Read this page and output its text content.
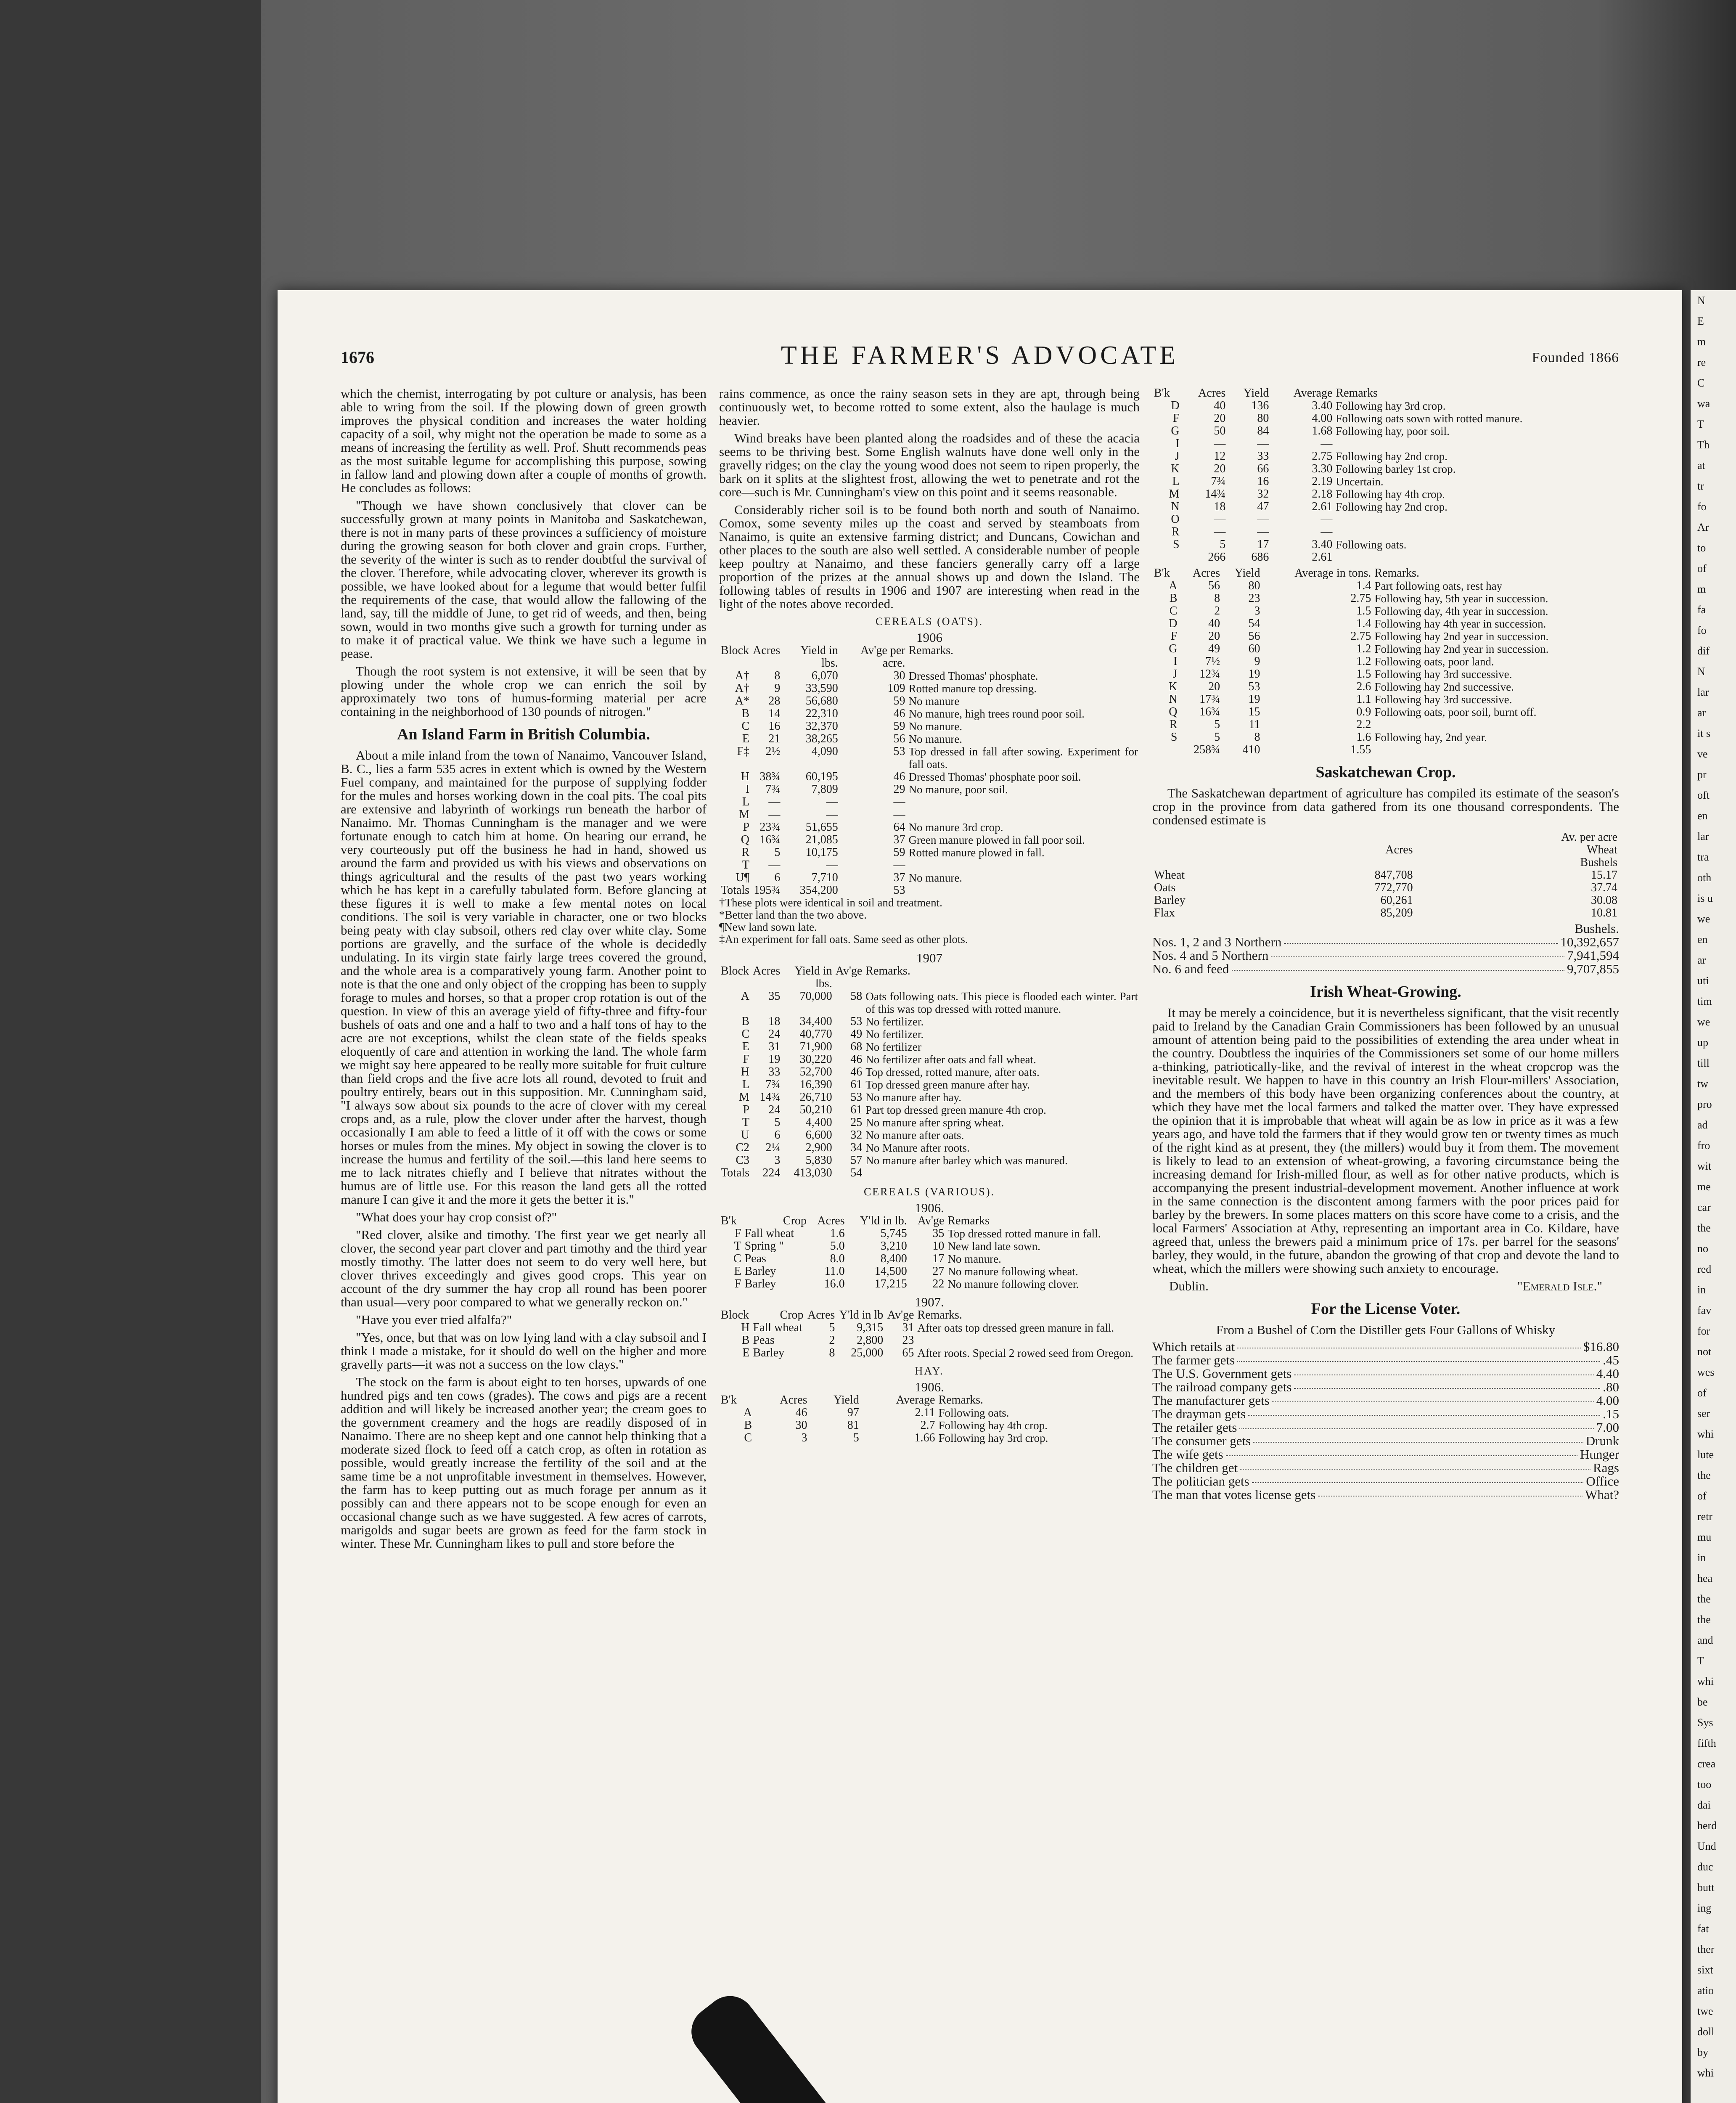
1676	THE FARMER'S ADVOCATE	Founded 1866

which the chemist, interrogating by pot culture or analysis, has been able to wring from the soil. If the plowing down of green growth improves the physical condition and increases the water holding capacity of a soil, why might not the operation be made to some as a means of increasing the fertility as well. Prof. Shutt recommends peas as the most suitable legume for accomplishing this purpose, sowing in fallow land and plowing down after a couple of months of growth. He concludes as follows:

"Though we have shown conclusively that clover can be successfully grown at many points in Manitoba and Saskatchewan, there is not in many parts of these provinces a sufficiency of moisture during the growing season for both clover and grain crops. Further, the severity of the winter is such as to render doubtful the survival of the clover. Therefore, while advocating clover, wherever its growth is possible, we have looked about for a legume that would better fulfil the requirements of the case, that would allow the fallowing of the land, say, till the middle of June, to get rid of weeds, and then, being sown, would in two months give such a growth for turning under as to make it of practical value. We think we have such a legume in pease.

Though the root system is not extensive, it will be seen that by plowing under the whole crop we can enrich the soil by approximately two tons of humus-forming material per acre containing in the neighborhood of 130 pounds of nitrogen."

An Island Farm in British Columbia.

About a mile inland from the town of Nanaimo, Vancouver Island, B. C., lies a farm 535 acres in extent which is owned by the Western Fuel company, and maintained for the purpose of supplying fodder for the mules and horses working down in the coal pits. The coal pits are extensive and labyrinth of workings run beneath the harbor of Nanaimo. Mr. Thomas Cunningham is the manager and we were fortunate enough to catch him at home. On hearing our errand, he very courteously put off the business he had in hand, showed us around the farm and provided us with his views and observations on things agricultural and the results of the past two years working which he has kept in a carefully tabulated form. Before glancing at these figures it is well to make a few mental notes on local conditions. The soil is very variable in character, one or two blocks being peaty with clay subsoil, others red clay over white clay. Some portions are gravelly, and the surface of the whole is decidedly undulating. In its virgin state fairly large trees covered the ground, and the whole area is a comparatively young farm. Another point to note is that the one and only object of the cropping has been to supply forage to mules and horses, so that a proper crop rotation is out of the question. In view of this an average yield of fifty-three and fifty-four bushels of oats and one and a half to two and a half tons of hay to the acre are not exceptions, whilst the clean state of the fields speaks eloquently of care and attention in working the land. The whole farm we might say here appeared to be really more suitable for fruit culture than field crops and the five acre lots all round, devoted to fruit and poultry entirely, bears out in this supposition. Mr. Cunningham said, "I always sow about six pounds to the acre of clover with my cereal crops and, as a rule, plow the clover under after the harvest, though occasionally I am able to feed a little of it off with the cows or some horses or mules from the mines. My object in sowing the clover is to increase the humus and fertility of the soil.—this land here seems to me to lack nitrates chiefly and I believe that nitrates without the humus are of little use. For this reason the land gets all the rotted manure I can give it and the more it gets the better it is."

"What does your hay crop consist of?"

"Red clover, alsike and timothy. The first year we get nearly all clover, the second year part clover and part timothy and the third year mostly timothy. The latter does not seem to do very well here, but clover thrives exceedingly and gives good crops. This year on account of the dry summer the hay crop all round has been poorer than usual—very poor compared to what we generally reckon on."

"Have you ever tried alfalfa?"

"Yes, once, but that was on low lying land with a clay subsoil and I think I made a mistake, for it should do well on the higher and more gravelly parts—it was not a success on the low clays."

The stock on the farm is about eight to ten horses, upwards of one hundred pigs and ten cows (grades). The cows and pigs are a recent addition and will likely be increased another year; the cream goes to the government creamery and the hogs are readily disposed of in Nanaimo. There are no sheep kept and one cannot help thinking that a moderate sized flock to feed off a catch crop, as often in rotation as possible, would greatly increase the fertility of the soil and at the same time be a not unprofitable investment in themselves. However, the farm has to keep putting out as much forage per annum as it possibly can and there appears not to be scope enough for even an occasional change such as we have suggested. A few acres of carrots, marigolds and sugar beets are grown as feed for the farm stock in winter. These Mr. Cunningham likes to pull and store before the

rains commence, as once the rainy season sets in they are apt, through being continuously wet, to become rotted to some extent, also the haulage is much heavier.

Wind breaks have been planted along the roadsides and of these the acacia seems to be thriving best. Some English walnuts have done well only in the gravelly ridges; on the clay the young wood does not seem to ripen properly, the bark on it splits at the slightest frost, allowing the wet to penetrate and rot the core—such is Mr. Cunningham's view on this point and it seems reasonable.

Considerably richer soil is to be found both north and south of Nanaimo. Comox, some seventy miles up the coast and served by steamboats from Nanaimo, is quite an extensive farming district; and Duncans, Cowichan and other places to the south are also well settled. A considerable number of people keep poultry at Nanaimo, and these fanciers generally carry off a large proportion of the prizes at the annual shows up and down the Island. The following tables of results in 1906 and 1907 are interesting when read in the light of the notes above recorded.

CEREALS (OATS).
1906
Block	Acres	Yield in lbs.	Av'ge per acre.	Remarks.
A†	8	6,070	30	Dressed Thomas' phosphate.
A†	9	33,590	109	Rotted manure top dressing.
A*	28	56,680	59	No manure
B	14	22,310	46	No manure, high trees round poor soil.
C	16	32,370	59	No manure.
E	21	38,265	56	No manure.
F‡	2½	4,090	53	Top dressed in fall after sowing. Experiment for fall oats.
H	38¾	60,195	46	Dressed Thomas' phosphate poor soil.
I	7¾	7,809	29	No manure, poor soil.
L	—	—	—	
M	—	—	—	
P	23¾	51,655	64	No manure 3rd crop.
Q	16¾	21,085	37	Green manure plowed in fall poor soil.
R	5	10,175	59	Rotted manure plowed in fall.
T	—	—	—	
U¶	6	7,710	37	No manure.
Totals	195¾	354,200	53	
†These plots were identical in soil and treatment.
*Better land than the two above.
¶New land sown late.
‡An experiment for fall oats. Same seed as other plots.
1907
Block	Acres	Yield in lbs.	Av'ge	Remarks.
A	35	70,000	58	Oats following oats. This piece is flooded each winter. Part of this was top dressed with rotted manure.
B	18	34,400	53	No fertilizer.
C	24	40,770	49	No fertilizer.
E	31	71,900	68	No fertilizer
F	19	30,220	46	No fertilizer after oats and fall wheat.
H	33	52,700	46	Top dressed, rotted manure, after oats.
L	7¾	16,390	61	Top dressed green manure after hay.
M	14¾	26,710	53	No manure after hay.
P	24	50,210	61	Part top dressed green manure 4th crop.
T	5	4,400	25	No manure after spring wheat.
U	6	6,600	32	No manure after oats.
C2	2¼	2,900	34	No Manure after roots.
C3	3	5,830	57	No manure after barley which was manured.
Totals	224	413,030	54	
CEREALS (VARIOUS).
1906.
B'k	Crop	Acres	Y'ld in lb.	Av'ge	Remarks
F	Fall wheat	1.6	5,745	35	Top dressed rotted manure in fall.
T	Spring "	5.0	3,210	10	New land late sown.
C	Peas	8.0	8,400	17	No manure.
E	Barley	11.0	14,500	27	No manure following wheat.
F	Barley	16.0	17,215	22	No manure following clover.
1907.
Block	Crop	Acres	Y'ld in lb	Av'ge	Remarks.
H	Fall wheat	5	9,315	31	After oats top dressed green manure in fall.
B	Peas	2	2,800	23	
E	Barley	8	25,000	65	After roots. Special 2 rowed seed from Oregon.
HAY.
1906.
B'k	Acres	Yield	Average	Remarks.
A	46	97	2.11	Following oats.
B	30	81	2.7	Following hay 4th crop.
C	3	5	1.66	Following hay 3rd crop.
B'k	Acres	Yield	Average	Remarks
D	40	136	3.40	Following hay 3rd crop.
F	20	80	4.00	Following oats sown with rotted manure.
G	50	84	1.68	Following hay, poor soil.
I	—	—	—	
J	12	33	2.75	Following hay 2nd crop.
K	20	66	3.30	Following barley 1st crop.
L	7¾	16	2.19	Uncertain.
M	14¾	32	2.18	Following hay 4th crop.
N	18	47	2.61	Following hay 2nd crop.
O	—	—	—	
R	—	—	—	
S	5	17	3.40	Following oats.
	266	686	2.61	
B'k	Acres	Yield	Average in tons.	Remarks.
A	56	80	1.4	Part following oats, rest hay
B	8	23	2.75	Following hay, 5th year in succession.
C	2	3	1.5	Following day, 4th year in succession.
D	40	54	1.4	Following hay 4th year in succession.
F	20	56	2.75	Following hay 2nd year in succession.
G	49	60	1.2	Following hay 2nd year in succession.
I	7½	9	1.2	Following oats, poor land.
J	12¾	19	1.5	Following hay 3rd successive.
K	20	53	2.6	Following hay 2nd successive.
N	17¾	19	1.1	Following hay 3rd successive.
Q	16¾	15	0.9	Following oats, poor soil, burnt off.
R	5	11	2.2	
S	5	8	1.6	Following hay, 2nd year.
	258¾	410	1.55	
Saskatchewan Crop.

The Saskatchewan department of agriculture has compiled its estimate of the season's crop in the province from data gathered from its one thousand correspondents. The condensed estimate is

		Av. per acre
	Acres	Wheat
		Bushels
Wheat	847,708	15.17
Oats	772,770	37.74
Barley	60,261	30.08
Flax	85,209	10.81
Bushels.
Nos. 1, 2 and 3 Northern	10,392,657
Nos. 4 and 5 Northern	7,941,594
No. 6 and feed	9,707,855
Irish Wheat-Growing.

It may be merely a coincidence, but it is nevertheless significant, that the visit recently paid to Ireland by the Canadian Grain Commissioners has been followed by an unusual amount of attention being paid to the possibilities of extending the area under wheat in the country. Doubtless the inquiries of the Commissioners set some of our home millers a-thinking, patriotically-like, and the revival of interest in the wheat cropcrop was the inevitable result. We happen to have in this country an Irish Flour-millers' Association, and the members of this body have been organizing conferences about the country, at which they have met the local farmers and talked the matter over. They have expressed the opinion that it is improbable that wheat will again be as low in price as it was a few years ago, and have told the farmers that if they would grow ten or twenty times as much of the right kind as at present, they (the millers) would buy it from them. The movement is likely to lead to an extension of wheat-growing, a favoring circumstance being the increasing demand for Irish-milled flour, as well as for other native products, which is accompanying the present industrial-development movement. Another influence at work in the same connection is the discontent among farmers with the poor prices paid for barley by the brewers. In some places matters on this score have come to a crisis, and the local Farmers' Association at Athy, representing an important area in Co. Kildare, have agreed that, unless the brewers paid a minimum price of 17s. per barrel for the seasons' barley, they would, in the future, abandon the growing of that crop and devote the land to wheat, which the millers were showing such anxiety to encourage.

Dublin.	"Emerald Isle."
For the License Voter.
From a Bushel of Corn the Distiller gets Four Gallons of Whisky
Which retails at	$16.80
The farmer gets	.45
The U.S. Government gets	4.40
The railroad company gets	.80
The manufacturer gets	4.00
The drayman gets	.15
The retailer gets	7.00
The consumer gets	Drunk
The wife gets	Hunger
The children get	Rags
The politician gets	Office
The man that votes license gets	What?
N
E
m
re
C
wa
T
Th
at
tr
fo
Ar
to
of
m
fa
fo
dif
N
lar
ar
it s
ve
pr
oft
en
lar
tra
oth
is u
we
en
ar
uti
tim
we
up
till
tw
pro
ad
fro
wit
me
car
the
no
red
in
fav
for
not
wes
of
ser
whi
lute
the
of
retr
mu
in
hea
the
the
and
T
whi
be
Sys
fifth
crea
too
dai
herd
Und
duc
butt
ing
fat
ther
sixt
atio
twe
doll
by
whi
